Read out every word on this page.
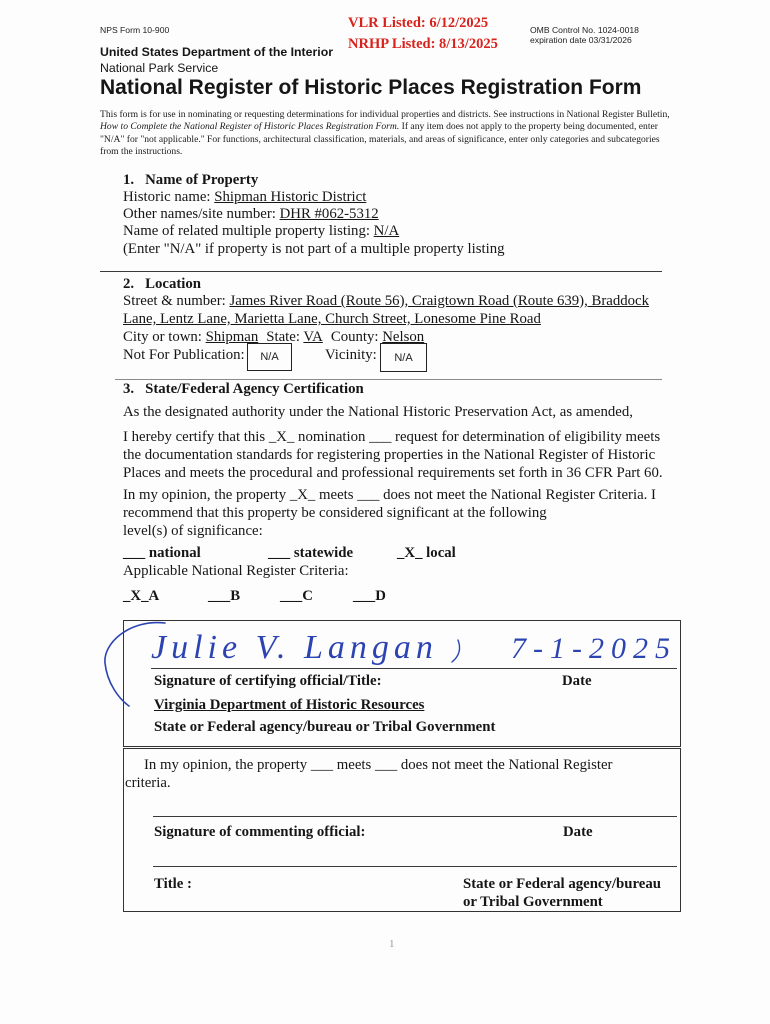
NPS Form 10-900	VLR Listed: 6/12/2025
NRHP Listed: 8/13/2025
OMB Control No. 1024-0018
expiration date 03/31/2026
United States Department of the Interior
National Park Service
National Register of Historic Places Registration Form
This form is for use in nominating or requesting determinations for individual properties and districts. See instructions in National Register Bulletin,
How to Complete the National Register of Historic Places Registration Form. If any item does not apply to the property being documented, enter
"N/A" for "not applicable." For functions, architectural classification, materials, and areas of significance, enter only categories and subcategories
from the instructions.
1. Name of Property
Historic name: Shipman Historic District
Other names/site number: DHR #062-5312
Name of related multiple property listing: N/A
(Enter "N/A" if property is not part of a multiple property listing
2. Location
Street & number: James River Road (Route 56), Craigtown Road (Route 639), Braddock
Lane, Lentz Lane, Marietta Lane, Church Street, Lonesome Pine Road
City or town: Shipman State: VA County: Nelson
Not For Publication:	N/A	Vicinity:	N/A
3. State/Federal Agency Certification
As the designated authority under the National Historic Preservation Act, as amended,
I hereby certify that this _X_ nomination ___ request for determination of eligibility meets
the documentation standards for registering properties in the National Register of Historic
Places and meets the procedural and professional requirements set forth in 36 CFR Part 60.
In my opinion, the property _X_ meets ___ does not meet the National Register Criteria. I
recommend that this property be considered significant at the following
level(s) of significance:
___ national	___ statewide	_X_ local
Applicable National Register Criteria:
_X_A	___B	___C	___D
Julie V. Langan 7-1-2025
Signature of certifying official/Title:	Date
Virginia Department of Historic Resources
State or Federal agency/bureau or Tribal Government
In my opinion, the property ___ meets ___ does not meet the National Register
criteria.
Signature of commenting official:	Date
Title :	State or Federal agency/bureau
or Tribal Government
1
